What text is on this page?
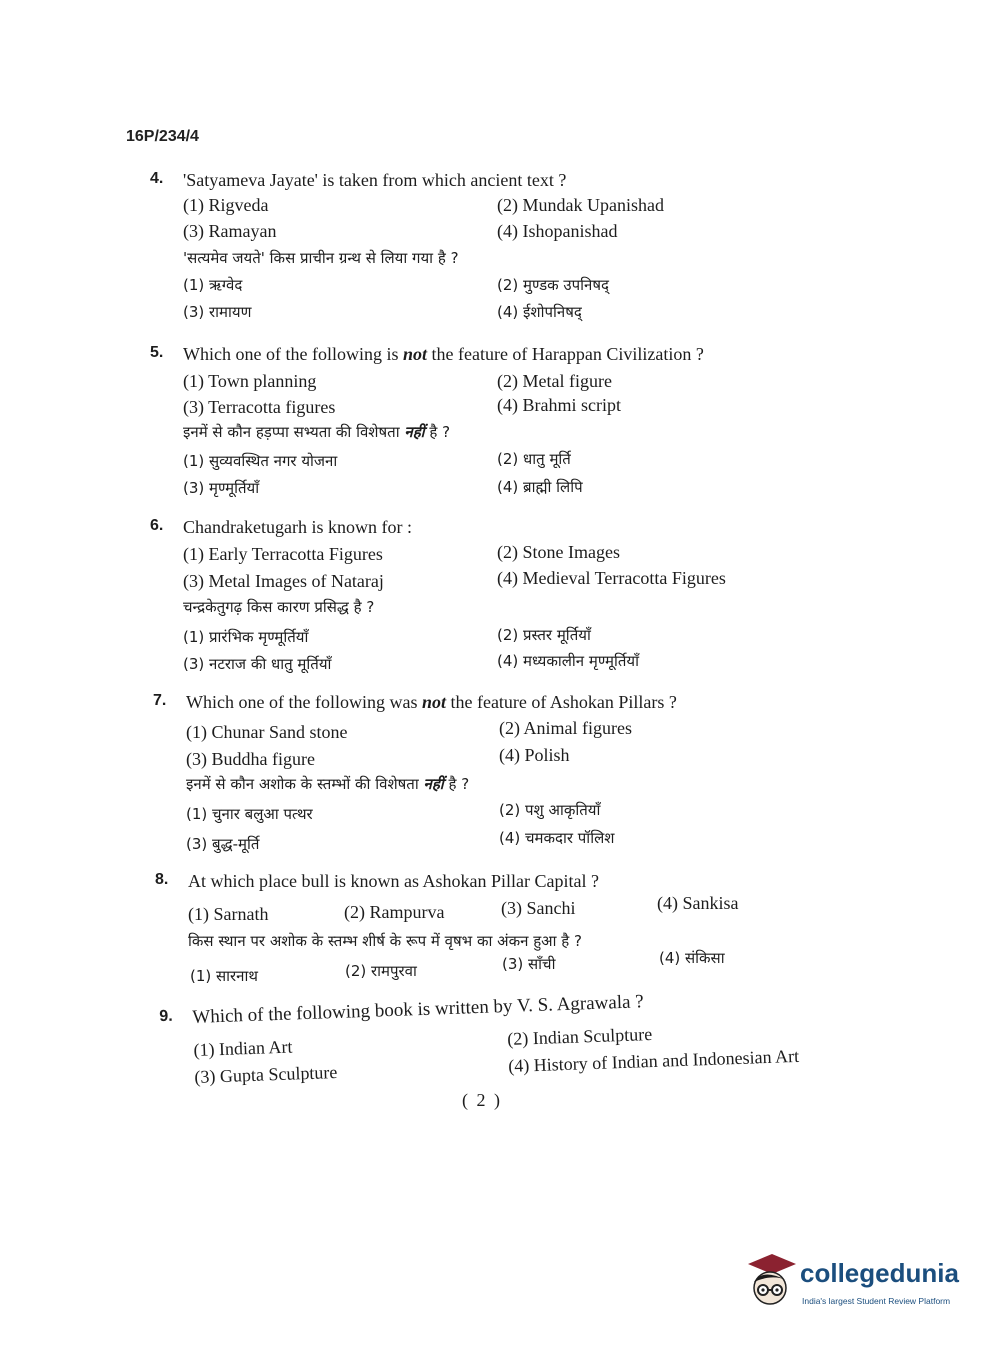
16P/234/4
4. 'Satyameva Jayate' is taken from which ancient text ?
(1) Rigveda	(2) Mundak Upanishad
(3) Ramayan	(4) Ishopanishad
'सत्यमेव जयते' किस प्राचीन ग्रन्थ से लिया गया है ?
(1) ऋग्वेद	(2) मुण्डक उपनिषद्
(3) रामायण	(4) ईशोपनिषद्
5. Which one of the following is not the feature of Harappan Civilization ?
(1) Town planning	(2) Metal figure
(3) Terracotta figures	(4) Brahmi script
इनमें से कौन हड़प्पा सभ्यता की विशेषता नहीं है ?
(1) सुव्यवस्थित नगर योजना	(2) धातु मूर्ति
(3) मृण्मूर्तियाँ	(4) ब्राह्मी लिपि
6. Chandraketugarh is known for :
(1) Early Terracotta Figures	(2) Stone Images
(3) Metal Images of Nataraj	(4) Medieval Terracotta Figures
चन्द्रकेतुगढ़ किस कारण प्रसिद्ध है ?
(1) प्रारंभिक मृण्मूर्तियाँ	(2) प्रस्तर मूर्तियाँ
(3) नटराज की धातु मूर्तियाँ	(4) मध्यकालीन मृण्मूर्तियाँ
7. Which one of the following was not the feature of Ashokan Pillars ?
(1) Chunar Sand stone	(2) Animal figures
(3) Buddha figure	(4) Polish
इनमें से कौन अशोक के स्तम्भों की विशेषता नहीं है ?
(1) चुनार बलुआ पत्थर	(2) पशु आकृतियाँ
(3) बुद्ध-मूर्ति	(4) चमकदार पॉलिश
8. At which place bull is known as Ashokan Pillar Capital ?
(1) Sarnath	(2) Rampurva	(3) Sanchi	(4) Sankisa
किस स्थान पर अशोक के स्तम्भ शीर्ष के रूप में वृषभ का अंकन हुआ है ?
(1) सारनाथ	(2) रामपुरवा	(3) साँची	(4) संकिसा
9. Which of the following book is written by V. S. Agrawala ?
(1) Indian Art	(2) Indian Sculpture
(3) Gupta Sculpture	(4) History of Indian and Indonesian Art
( 2 )
collegedunia
India's largest Student Review Platform
